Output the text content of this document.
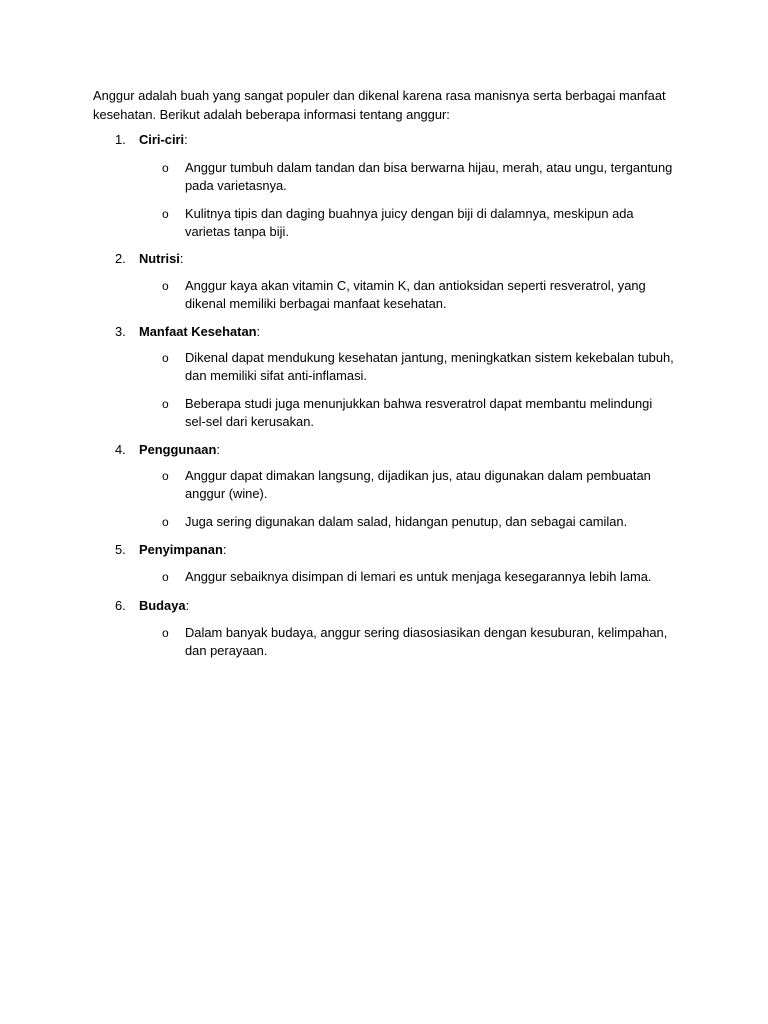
Anggur adalah buah yang sangat populer dan dikenal karena rasa manisnya serta berbagai manfaat kesehatan. Berikut adalah beberapa informasi tentang anggur:

1.	Ciri-ciri:
o Anggur tumbuh dalam tandan dan bisa berwarna hijau, merah, atau ungu, tergantung pada varietasnya.
o Kulitnya tipis dan daging buahnya juicy dengan biji di dalamnya, meskipun ada varietas tanpa biji.
2.	Nutrisi:
o Anggur kaya akan vitamin C, vitamin K, dan antioksidan seperti resveratrol, yang dikenal memiliki berbagai manfaat kesehatan.
3.	Manfaat Kesehatan:
o Dikenal dapat mendukung kesehatan jantung, meningkatkan sistem kekebalan tubuh, dan memiliki sifat anti-inflamasi.
o Beberapa studi juga menunjukkan bahwa resveratrol dapat membantu melindungi sel-sel dari kerusakan.
4.	Penggunaan:
o Anggur dapat dimakan langsung, dijadikan jus, atau digunakan dalam pembuatan anggur (wine).
o Juga sering digunakan dalam salad, hidangan penutup, dan sebagai camilan.
5.	Penyimpanan:
o Anggur sebaiknya disimpan di lemari es untuk menjaga kesegarannya lebih lama.
6.	Budaya:
o Dalam banyak budaya, anggur sering diasosiasikan dengan kesuburan, kelimpahan, dan perayaan.
